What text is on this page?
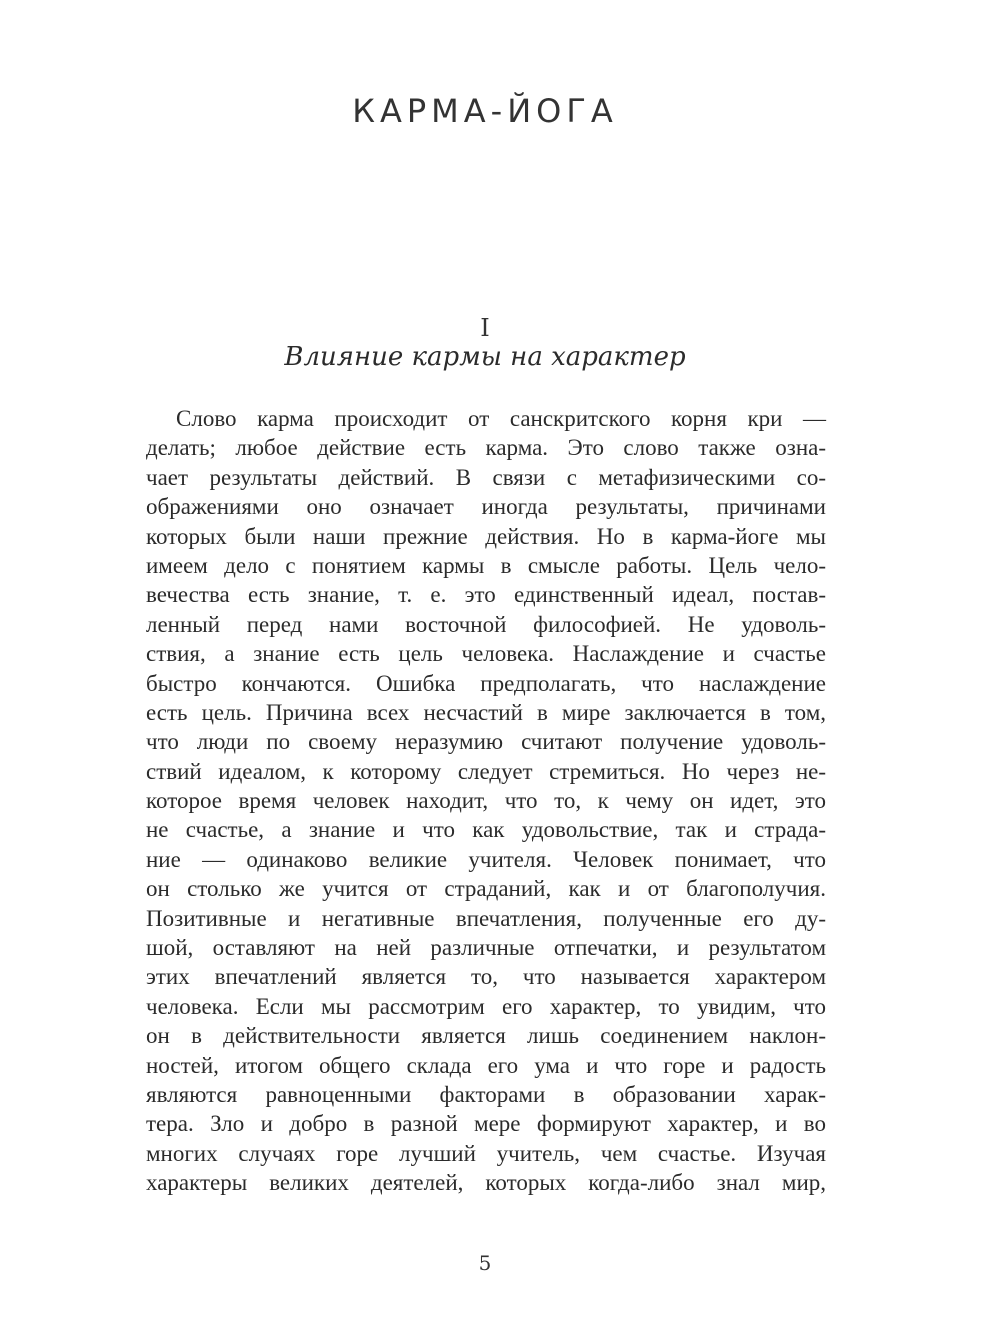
КАРМА-ЙОГА
I
Влияние кармы на характер
Слово карма происходит от санскритского корня кри —
делать; любое действие есть карма. Это слово также озна-
чает результаты действий. В связи с метафизическими со-
ображениями оно означает иногда результаты, причинами
которых были наши прежние действия. Но в карма-йоге мы
имеем дело с понятием кармы в смысле работы. Цель чело-
вечества есть знание, т. е. это единственный идеал, постав-
ленный перед нами восточной философией. Не удоволь-
ствия, а знание есть цель человека. Наслаждение и счастье
быстро кончаются. Ошибка предполагать, что наслаждение
есть цель. Причина всех несчастий в мире заключается в том,
что люди по своему неразумию считают получение удоволь-
ствий идеалом, к которому следует стремиться. Но через не-
которое время человек находит, что то, к чему он идет, это
не счастье, а знание и что как удовольствие, так и страда-
ние — одинаково великие учителя. Человек понимает, что
он столько же учится от страданий, как и от благополучия.
Позитивные и негативные впечатления, полученные его ду-
шой, оставляют на ней различные отпечатки, и результатом
этих впечатлений является то, что называется характером
человека. Если мы рассмотрим его характер, то увидим, что
он в действительности является лишь соединением наклон-
ностей, итогом общего склада его ума и что горе и радость
являются равноценными факторами в образовании харак-
тера. Зло и добро в разной мере формируют характер, и во
многих случаях горе лучший учитель, чем счастье. Изучая
характеры великих деятелей, которых когда-либо знал мир,
5
